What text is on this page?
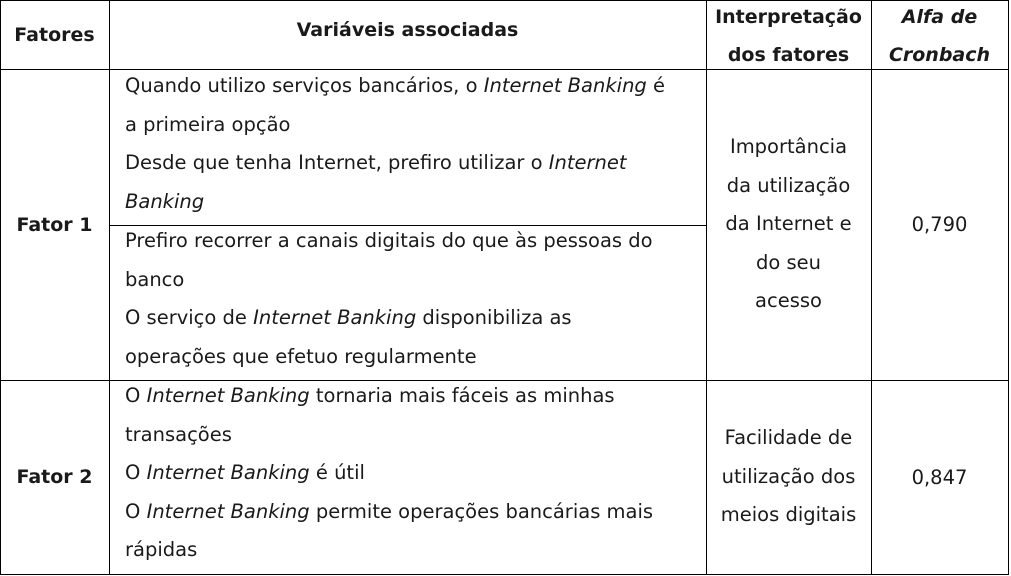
Fatores	Variáveis associadas
Interpretação
dos fatores
Alfa de
Cronbach
Fator 1

Quando utilizo serviços bancários, o Internet Banking é

a primeira opção

Desde que tenha Internet, prefiro utilizar o Internet

Banking

Prefiro recorrer a canais digitais do que às pessoas do

banco

O serviço de Internet Banking disponibiliza as

operações que efetuo regularmente

Importância
da utilização
da Internet e
do seu
acesso
0,790
Fator 2

O Internet Banking tornaria mais fáceis as minhas

transações

O Internet Banking é útil

O Internet Banking permite operações bancárias mais

rápidas

Facilidade de
utilização dos
meios digitais
0,847
